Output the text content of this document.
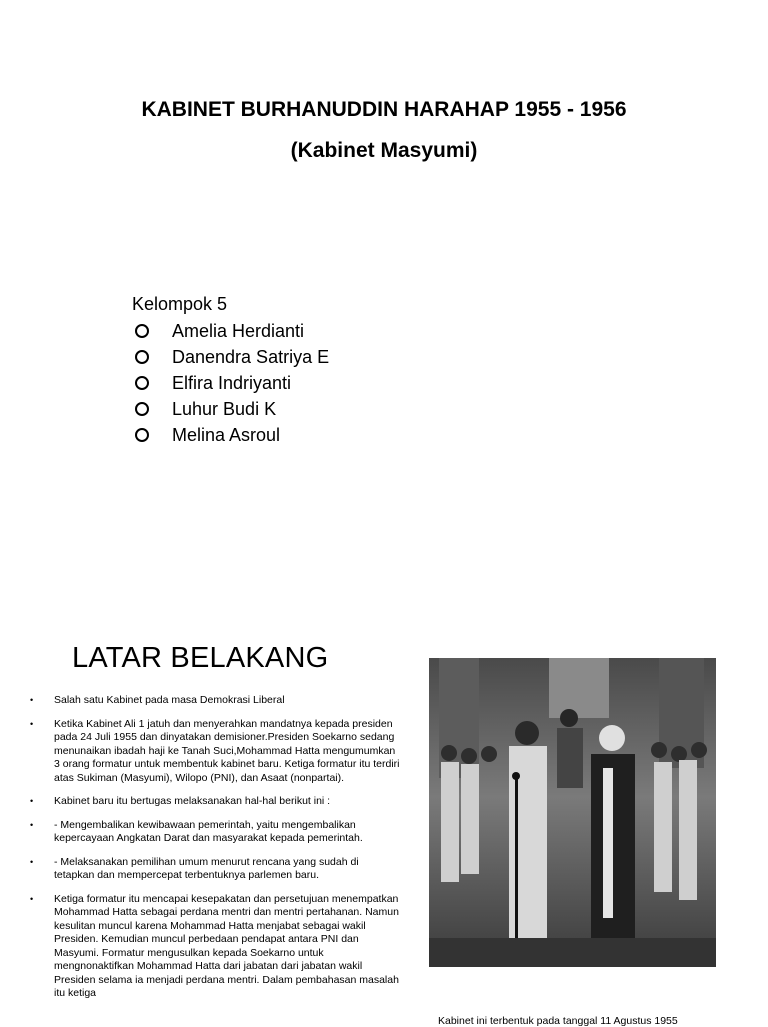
KABINET BURHANUDDIN HARAHAP 1955 - 1956
(Kabinet Masyumi)
Kelompok 5
Amelia Herdianti
Danendra Satriya E
Elfira Indriyanti
Luhur Budi K
Melina Asroul
LATAR BELAKANG
•	Salah satu Kabinet pada masa Demokrasi Liberal
•	Ketika Kabinet Ali 1 jatuh dan menyerahkan mandatnya kepada presiden pada 24 Juli 1955 dan dinyatakan demisioner.Presiden Soekarno sedang menunaikan ibadah haji ke Tanah Suci,Mohammad Hatta mengumumkan 3 orang formatur untuk membentuk kabinet baru. Ketiga formatur itu terdiri atas Sukiman (Masyumi), Wilopo (PNI), dan Asaat (nonpartai).
•	Kabinet baru itu bertugas melaksanakan hal-hal berikut ini :
•	- Mengembalikan kewibawaan pemerintah, yaitu mengembalikan kepercayaan Angkatan Darat dan masyarakat kepada pemerintah.
•	- Melaksanakan pemilihan umum menurut rencana yang sudah di tetapkan dan mempercepat terbentuknya parlemen baru.
•	Ketiga formatur itu mencapai kesepakatan dan persetujuan menempatkan Mohammad Hatta sebagai perdana mentri dan mentri pertahanan. Namun kesulitan muncul karena Mohammad Hatta menjabat sebagai wakil Presiden. Kemudian muncul perbedaan pendapat antara PNI dan Masyumi. Formatur mengusulkan kepada Soekarno untuk mengnonaktifkan Mohammad Hatta dari jabatan dari jabatan wakil Presiden selama ia menjadi perdana mentri. Dalam pembahasan masalah itu ketiga
Kabinet ini terbentuk pada tanggal 11 Agustus 1955
